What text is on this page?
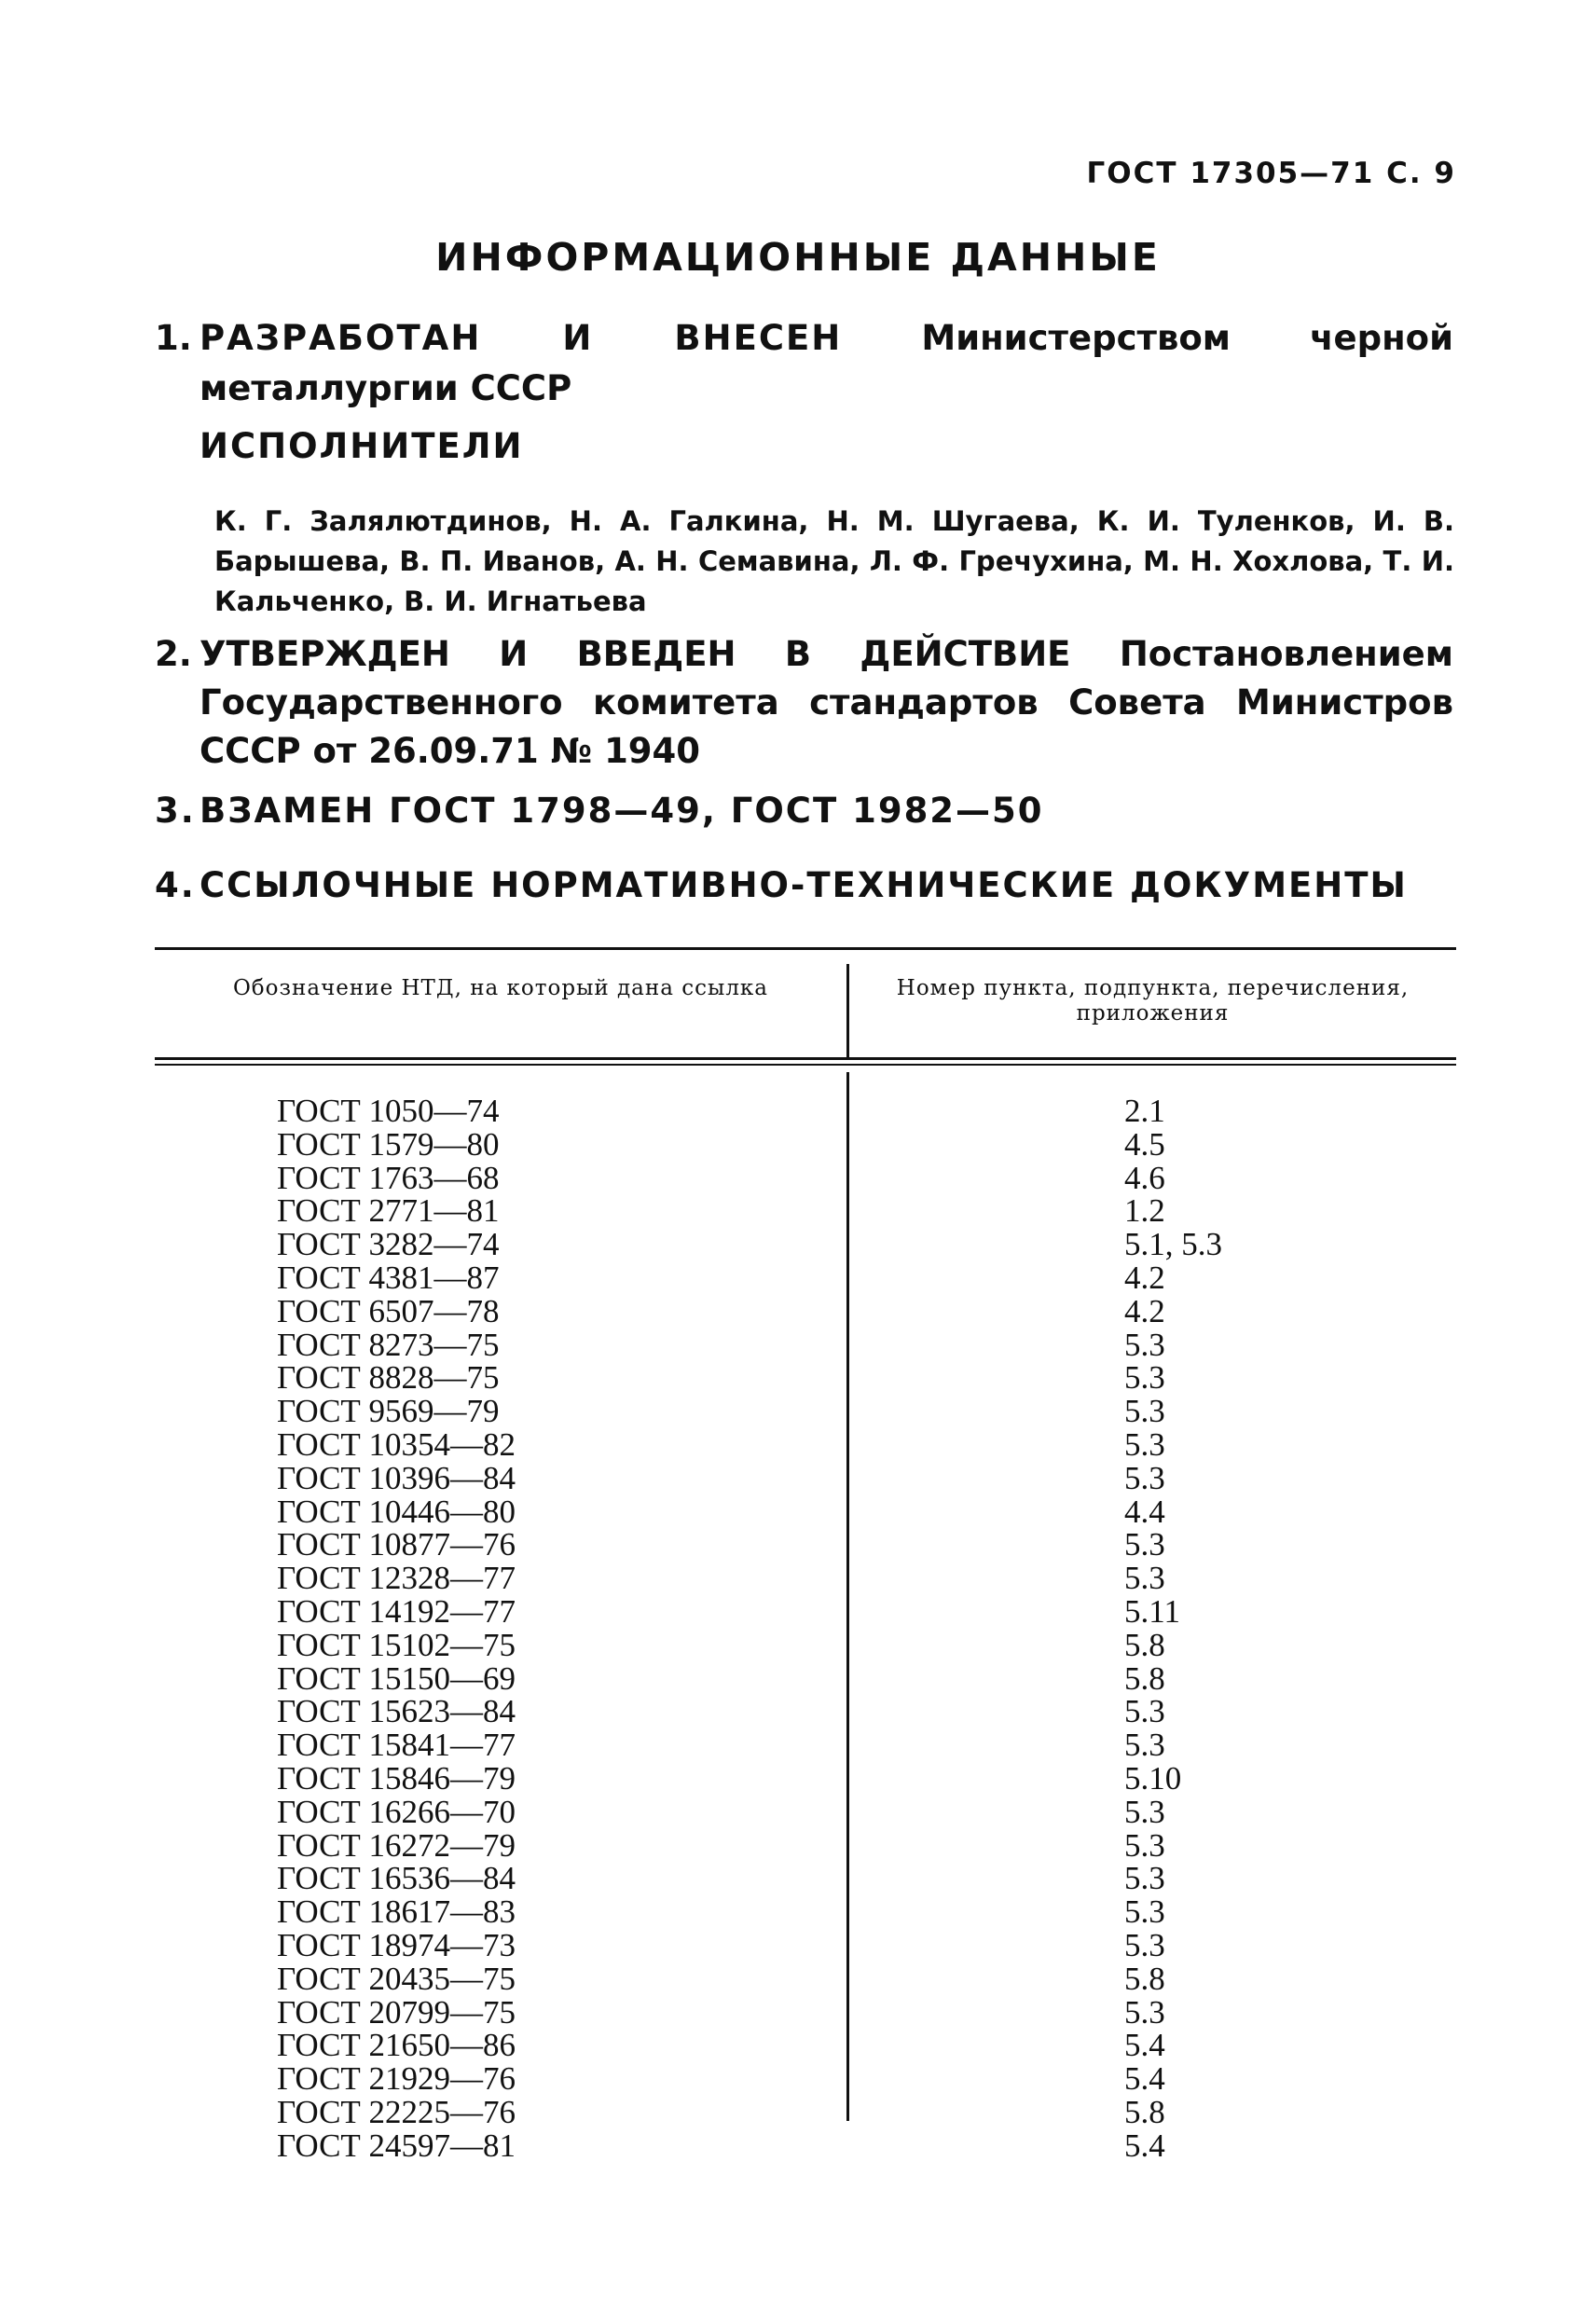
ГОСТ 17305—71 С. 9
ИНФОРМАЦИОННЫЕ ДАННЫЕ
1. РАЗРАБОТАН И ВНЕСЕН Министерством черной металлургии СССР
ИСПОЛНИТЕЛИ
К. Г. Залялютдинов, Н. А. Галкина, Н. М. Шугаева, К. И. Туленков, И. В. Барышева, В. П. Иванов, А. Н. Семавина, Л. Ф. Гречухина, М. Н. Хохлова, Т. И. Кальченко, В. И. Игнатьева
2. УТВЕРЖДЕН И ВВЕДЕН В ДЕЙСТВИЕ Постановлением Государственного комитета стандартов Совета Министров СССР от 26.09.71 № 1940
3. ВЗАМЕН ГОСТ 1798—49, ГОСТ 1982—50
4. ССЫЛОЧНЫЕ НОРМАТИВНО-ТЕХНИЧЕСКИЕ ДОКУМЕНТЫ
Обозначение НТД, на который дана ссылка	Номер пункта, подпункта, перечисления, приложения
ГОСТ 1050—74	2.1
ГОСТ 1579—80	4.5
ГОСТ 1763—68	4.6
ГОСТ 2771—81	1.2
ГОСТ 3282—74	5.1, 5.3
ГОСТ 4381—87	4.2
ГОСТ 6507—78	4.2
ГОСТ 8273—75	5.3
ГОСТ 8828—75	5.3
ГОСТ 9569—79	5.3
ГОСТ 10354—82	5.3
ГОСТ 10396—84	5.3
ГОСТ 10446—80	4.4
ГОСТ 10877—76	5.3
ГОСТ 12328—77	5.3
ГОСТ 14192—77	5.11
ГОСТ 15102—75	5.8
ГОСТ 15150—69	5.8
ГОСТ 15623—84	5.3
ГОСТ 15841—77	5.3
ГОСТ 15846—79	5.10
ГОСТ 16266—70	5.3
ГОСТ 16272—79	5.3
ГОСТ 16536—84	5.3
ГОСТ 18617—83	5.3
ГОСТ 18974—73	5.3
ГОСТ 20435—75	5.8
ГОСТ 20799—75	5.3
ГОСТ 21650—86	5.4
ГОСТ 21929—76	5.4
ГОСТ 22225—76	5.8
ГОСТ 24597—81	5.4
